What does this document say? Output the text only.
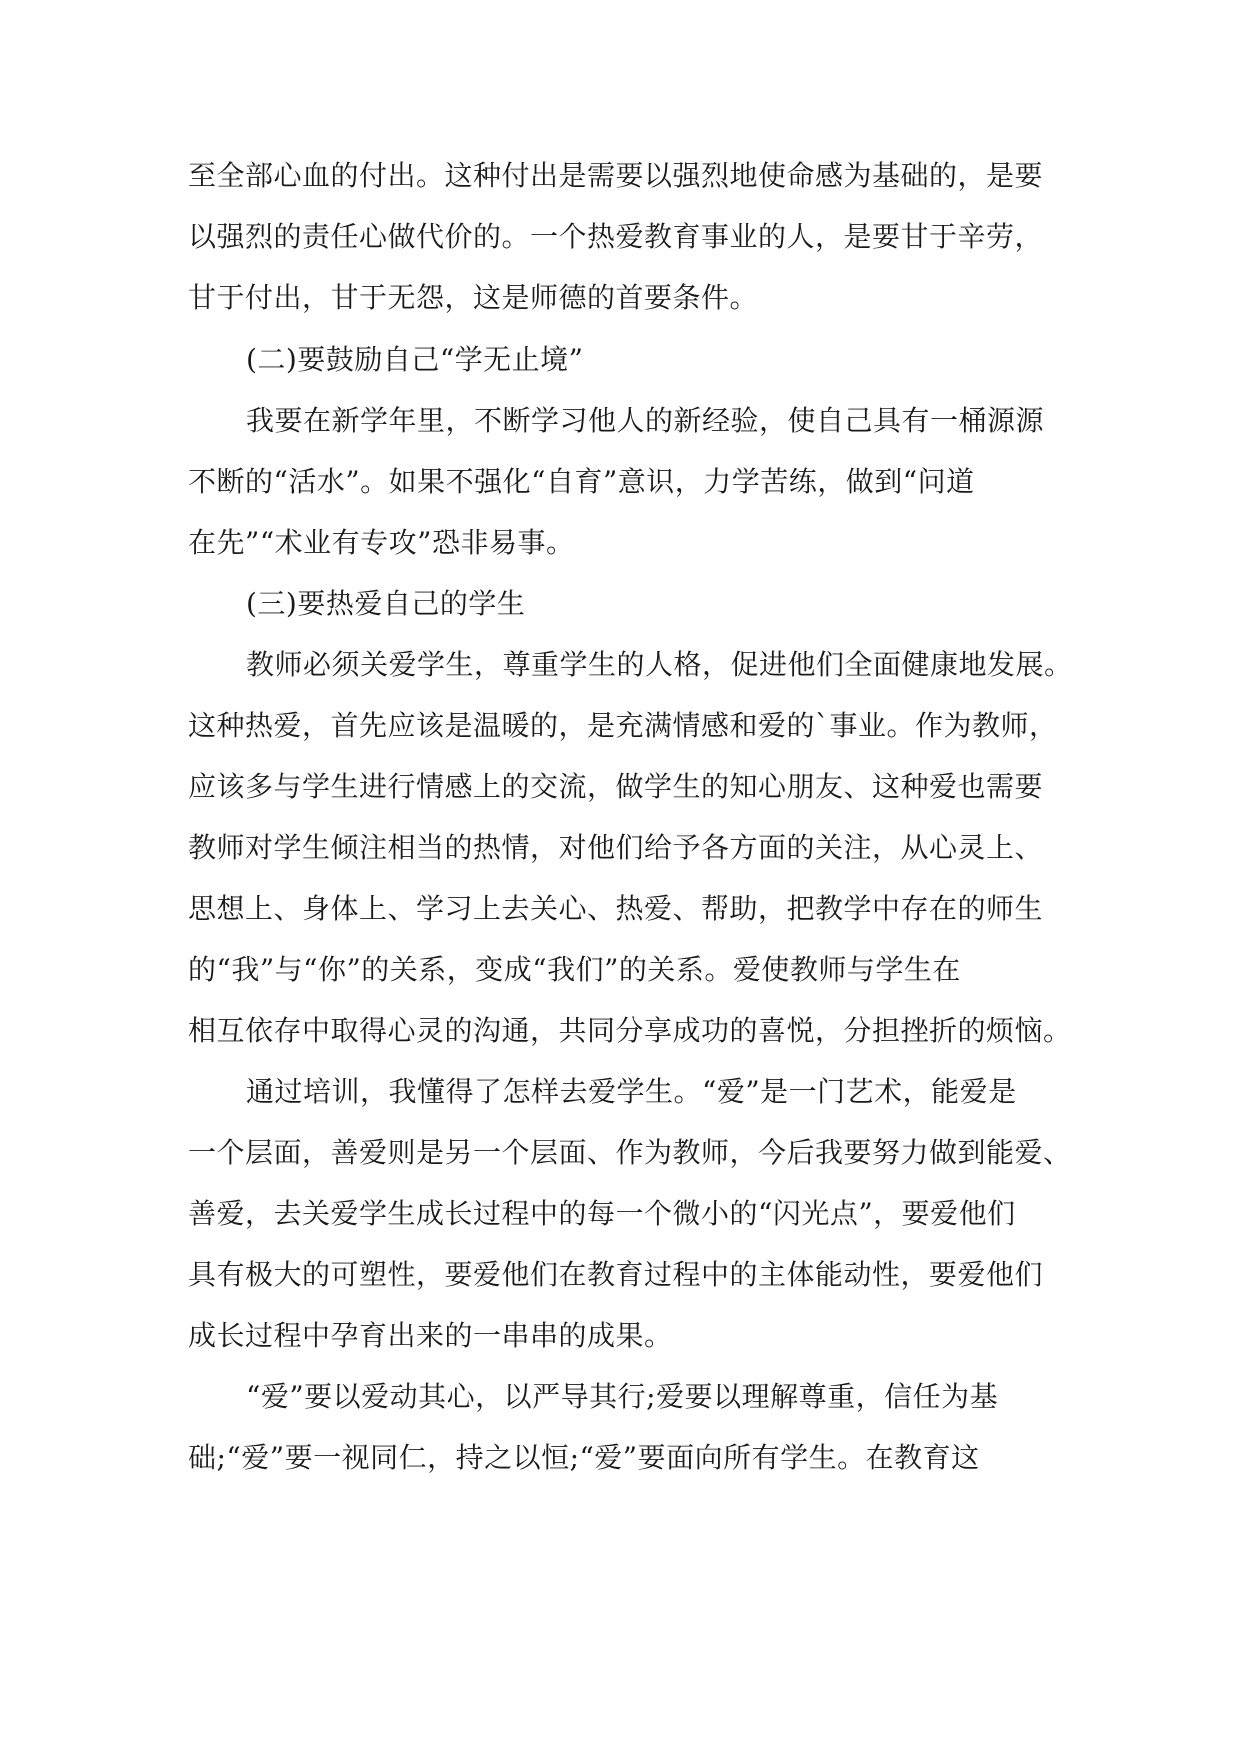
至全部心血的付出。这种付出是需要以强烈地使命感为基础的，是要
以强烈的责任心做代价的。一个热爱教育事业的人，是要甘于辛劳，
甘于付出，甘于无怨，这是师德的首要条件。
(二)要鼓励自己“学无止境”
我要在新学年里，不断学习他人的新经验，使自己具有一桶源源
不断的“活水”。如果不强化“自育”意识，力学苦练，做到“问道
在先”“术业有专攻”恐非易事。
(三)要热爱自己的学生
教师必须关爱学生，尊重学生的人格，促进他们全面健康地发展。
这种热爱，首先应该是温暖的，是充满情感和爱的`事业。作为教师，
应该多与学生进行情感上的交流，做学生的知心朋友、这种爱也需要
教师对学生倾注相当的热情，对他们给予各方面的关注，从心灵上、
思想上、身体上、学习上去关心、热爱、帮助，把教学中存在的师生
的“我”与“你”的关系，变成“我们”的关系。爱使教师与学生在
相互依存中取得心灵的沟通，共同分享成功的喜悦，分担挫折的烦恼。
通过培训，我懂得了怎样去爱学生。“爱”是一门艺术，能爱是
一个层面，善爱则是另一个层面、作为教师，今后我要努力做到能爱、
善爱，去关爱学生成长过程中的每一个微小的“闪光点”，要爱他们
具有极大的可塑性，要爱他们在教育过程中的主体能动性，要爱他们
成长过程中孕育出来的一串串的成果。
“爱”要以爱动其心，以严导其行;爱要以理解尊重，信任为基
础;“爱”要一视同仁，持之以恒;“爱”要面向所有学生。在教育这
